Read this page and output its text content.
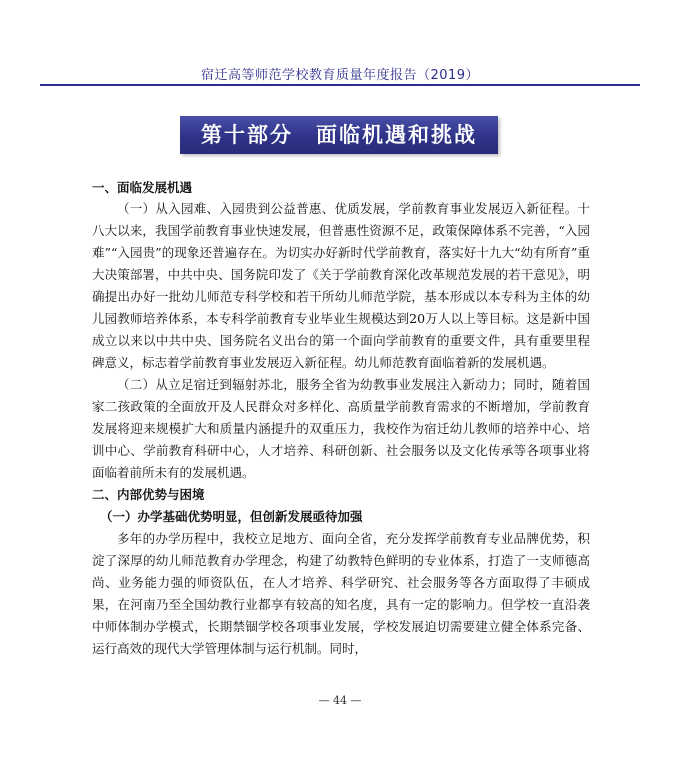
宿迁高等师范学校教育质量年度报告（2019）
第十部分　面临机遇和挑战

一、面临发展机遇

（一）从入园难、入园贵到公益普惠、优质发展，学前教育事业发展迈入新征程。十八大以来，我国学前教育事业快速发展，但普惠性资源不足，政策保障体系不完善，“入园难”“入园贵”的现象还普遍存在。为切实办好新时代学前教育，落实好十九大“幼有所育”重大决策部署，中共中央、国务院印发了《关于学前教育深化改革规范发展的若干意见》，明确提出办好一批幼儿师范专科学校和若干所幼儿师范学院，基本形成以本专科为主体的幼儿园教师培养体系，本专科学前教育专业毕业生规模达到20万人以上等目标。这是新中国成立以来以中共中央、国务院名义出台的第一个面向学前教育的重要文件，具有重要里程碑意义，标志着学前教育事业发展迈入新征程。幼儿师范教育面临着新的发展机遇。

（二）从立足宿迁到辐射苏北，服务全省为幼教事业发展注入新动力；同时，随着国家二孩政策的全面放开及人民群众对多样化、高质量学前教育需求的不断增加，学前教育发展将迎来规模扩大和质量内涵提升的双重压力，我校作为宿迁幼儿教师的培养中心、培训中心、学前教育科研中心，人才培养、科研创新、社会服务以及文化传承等各项事业将面临着前所未有的发展机遇。

二、内部优势与困境

（一）办学基础优势明显，但创新发展亟待加强

多年的办学历程中，我校立足地方、面向全省，充分发挥学前教育专业品牌优势，积淀了深厚的幼儿师范教育办学理念，构建了幼教特色鲜明的专业体系，打造了一支师德高尚、业务能力强的师资队伍，在人才培养、科学研究、社会服务等各方面取得了丰硕成果，在河南乃至全国幼教行业都享有较高的知名度，具有一定的影响力。但学校一直沿袭中师体制办学模式，长期禁锢学校各项事业发展，学校发展迫切需要建立健全体系完备、运行高效的现代大学管理体制与运行机制。同时，

— 44 —
